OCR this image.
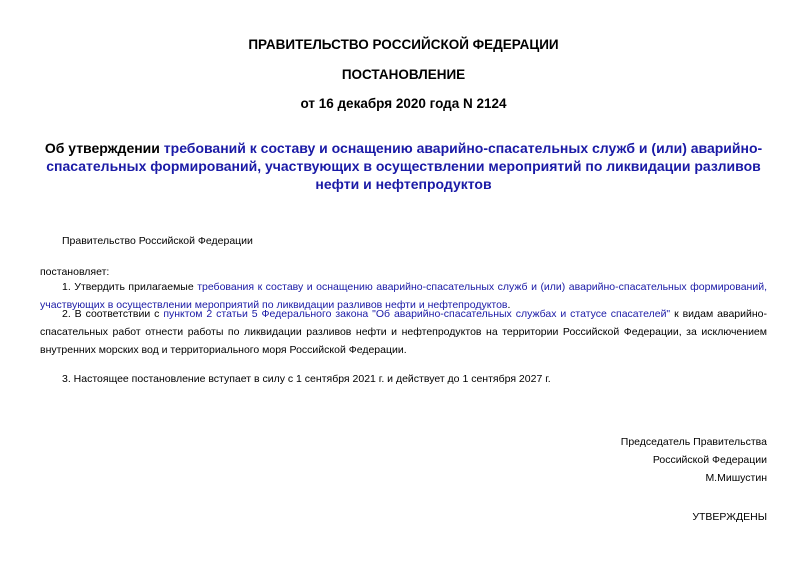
ПРАВИТЕЛЬСТВО РОССИЙСКОЙ ФЕДЕРАЦИИ
ПОСТАНОВЛЕНИЕ
от 16 декабря 2020 года N 2124
Об утверждении требований к составу и оснащению аварийно-спасательных служб и (или) аварийно-спасательных формирований, участвующих в осуществлении мероприятий по ликвидации разливов нефти и нефтепродуктов
Правительство Российской Федерации
постановляет:
1. Утвердить прилагаемые требования к составу и оснащению аварийно-спасательных служб и (или) аварийно-спасательных формирований, участвующих в осуществлении мероприятий по ликвидации разливов нефти и нефтепродуктов.
2. В соответствии с пунктом 2 статьи 5 Федерального закона "Об аварийно-спасательных службах и статусе спасателей" к видам аварийно-спасательных работ отнести работы по ликвидации разливов нефти и нефтепродуктов на территории Российской Федерации, за исключением внутренних морских вод и территориального моря Российской Федерации.
3. Настоящее постановление вступает в силу с 1 сентября 2021 г. и действует до 1 сентября 2027 г.
Председатель Правительства
Российской Федерации
М.Мишустин
УТВЕРЖДЕНЫ
